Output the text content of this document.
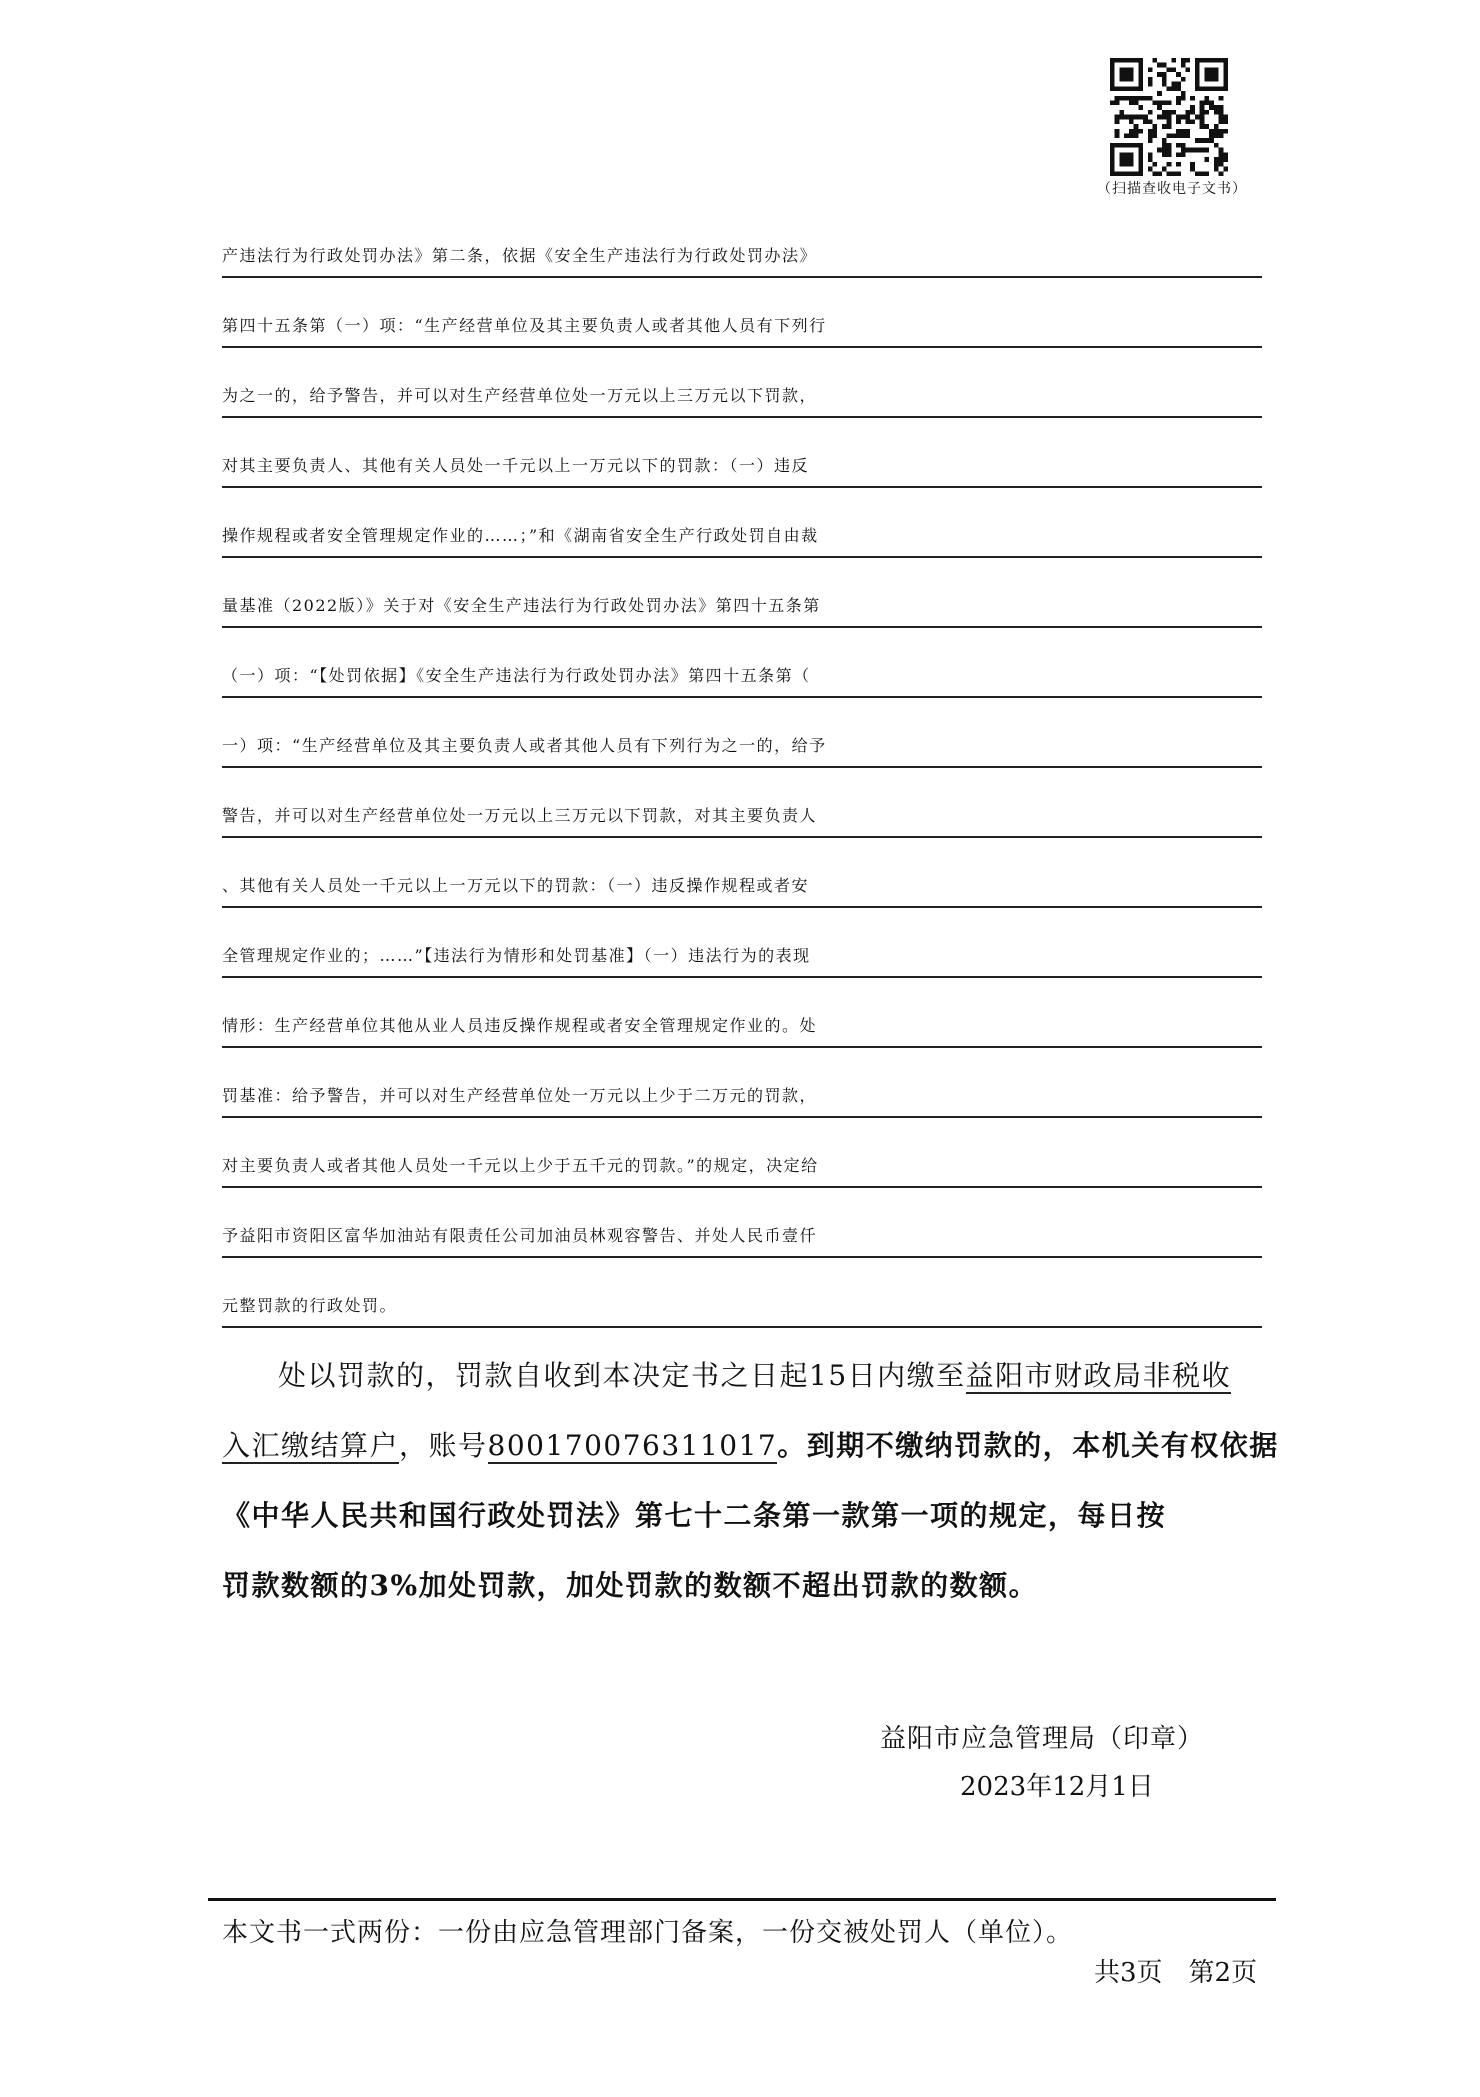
（扫描查收电子文书）
产违法行为行政处罚办法》第二条，依据《安全生产违法行为行政处罚办法》
第四十五条第（一）项：“生产经营单位及其主要负责人或者其他人员有下列行
为之一的，给予警告，并可以对生产经营单位处一万元以上三万元以下罚款，
对其主要负责人、其他有关人员处一千元以上一万元以下的罚款：（一）违反
操作规程或者安全管理规定作业的……；”和《湖南省安全生产行政处罚自由裁
量基准（2022版）》关于对《安全生产违法行为行政处罚办法》第四十五条第
（一）项：“【处罚依据】《安全生产违法行为行政处罚办法》第四十五条第（
一）项：“生产经营单位及其主要负责人或者其他人员有下列行为之一的，给予
警告，并可以对生产经营单位处一万元以上三万元以下罚款，对其主要负责人
、其他有关人员处一千元以上一万元以下的罚款：（一）违反操作规程或者安
全管理规定作业的；……”【违法行为情形和处罚基准】（一）违法行为的表现
情形：生产经营单位其他从业人员违反操作规程或者安全管理规定作业的。处
罚基准：给予警告，并可以对生产经营单位处一万元以上少于二万元的罚款，
对主要负责人或者其他人员处一千元以上少于五千元的罚款。”的规定，决定给
予益阳市资阳区富华加油站有限责任公司加油员林观容警告、并处人民币壹仟
元整罚款的行政处罚。
处以罚款的，罚款自收到本决定书之日起15日内缴至益阳市财政局非税收
入汇缴结算户，账号800170076311017。到期不缴纳罚款的，本机关有权依据
《中华人民共和国行政处罚法》第七十二条第一款第一项的规定，每日按
罚款数额的3%加处罚款，加处罚款的数额不超出罚款的数额。
益阳市应急管理局（印章）
2023年12月1日
本文书一式两份：一份由应急管理部门备案，一份交被处罚人（单位）。
共3页　第2页
